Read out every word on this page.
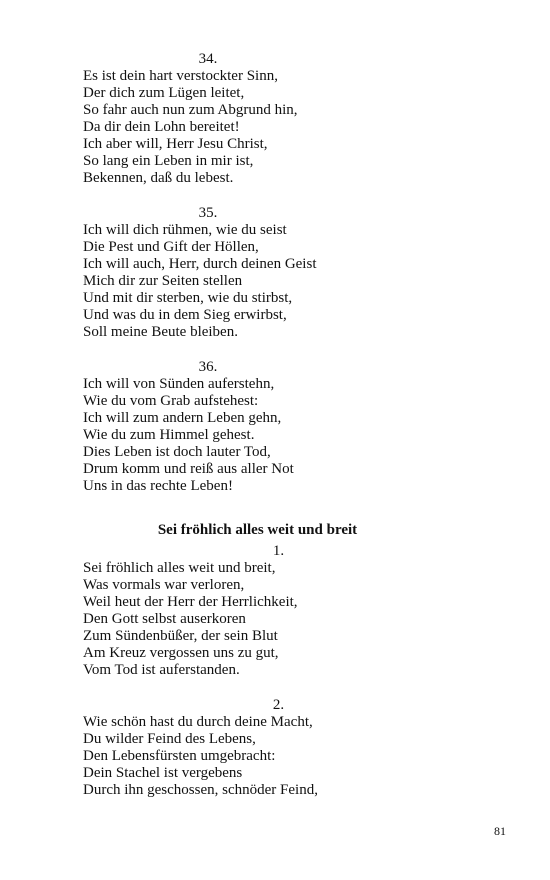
34.
Es ist dein hart verstockter Sinn,
Der dich zum Lügen leitet,
So fahr auch nun zum Abgrund hin,
Da dir dein Lohn bereitet!
Ich aber will, Herr Jesu Christ,
So lang ein Leben in mir ist,
Bekennen, daß du lebest.
35.
Ich will dich rühmen, wie du seist
Die Pest und Gift der Höllen,
Ich will auch, Herr, durch deinen Geist
Mich dir zur Seiten stellen
Und mit dir sterben, wie du stirbst,
Und was du in dem Sieg erwirbst,
Soll meine Beute bleiben.
36.
Ich will von Sünden auferstehn,
Wie du vom Grab aufstehest:
Ich will zum andern Leben gehn,
Wie du zum Himmel gehest.
Dies Leben ist doch lauter Tod,
Drum komm und reiß aus aller Not
Uns in das rechte Leben!
Sei fröhlich alles weit und breit
1.
Sei fröhlich alles weit und breit,
Was vormals war verloren,
Weil heut der Herr der Herrlichkeit,
Den Gott selbst auserkoren
Zum Sündenbüßer, der sein Blut
Am Kreuz vergossen uns zu gut,
Vom Tod ist auferstanden.
2.
Wie schön hast du durch deine Macht,
Du wilder Feind des Lebens,
Den Lebensfürsten umgebracht:
Dein Stachel ist vergebens
Durch ihn geschossen, schnöder Feind,
81
